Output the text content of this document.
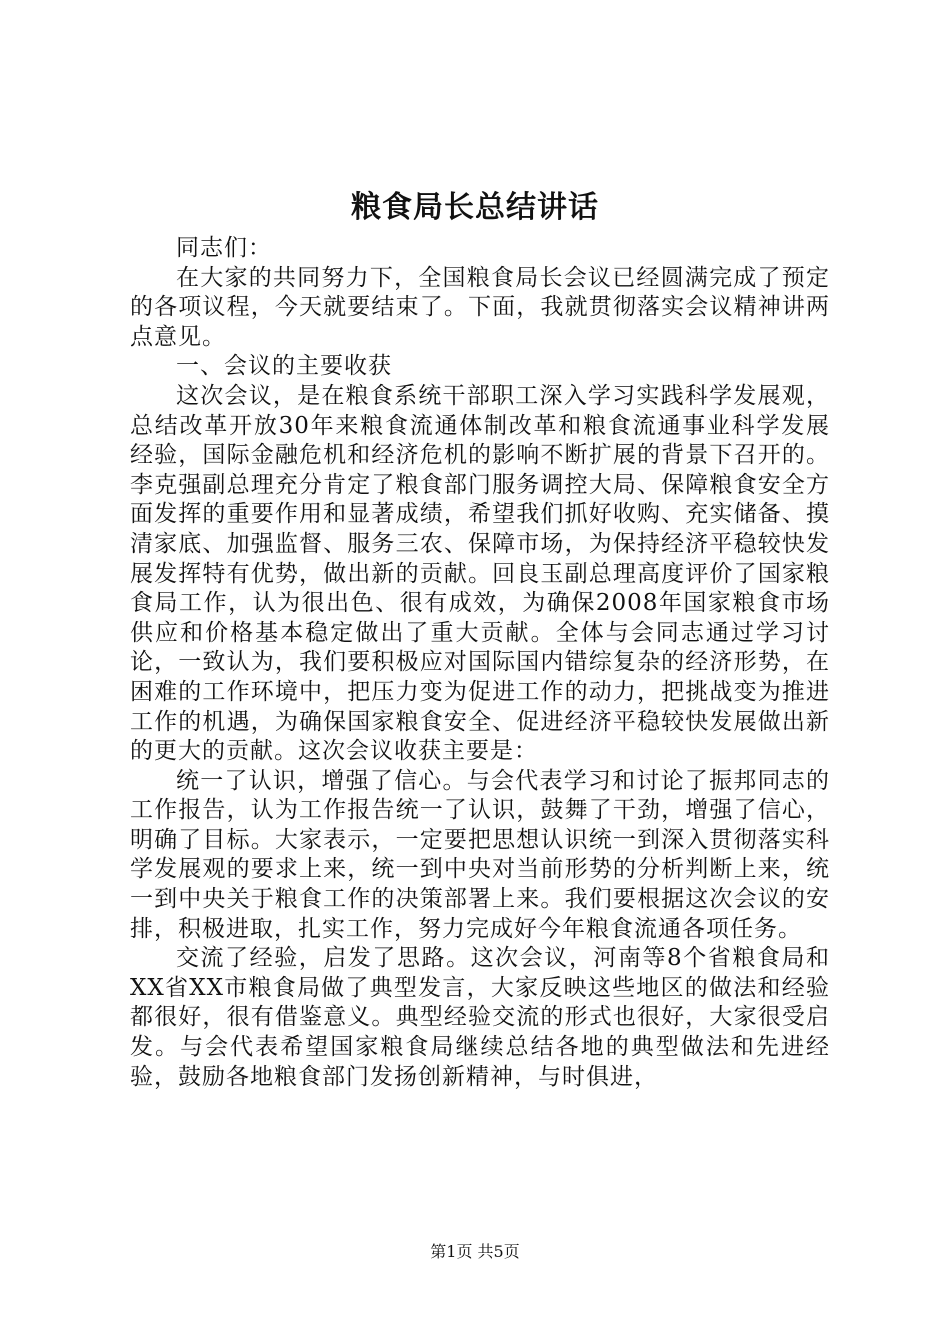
粮食局长总结讲话

同志们：

在大家的共同努力下，全国粮食局长会议已经圆满完成了预定的各项议程，今天就要结束了。下面，我就贯彻落实会议精神讲两点意见。

一、会议的主要收获

这次会议，是在粮食系统干部职工深入学习实践科学发展观，总结改革开放30年来粮食流通体制改革和粮食流通事业科学发展经验，国际金融危机和经济危机的影响不断扩展的背景下召开的。李克强副总理充分肯定了粮食部门服务调控大局、保障粮食安全方面发挥的重要作用和显著成绩，希望我们抓好收购、充实储备、摸清家底、加强监督、服务三农、保障市场，为保持经济平稳较快发展发挥特有优势，做出新的贡献。回良玉副总理高度评价了国家粮食局工作，认为很出色、很有成效，为确保2008年国家粮食市场供应和价格基本稳定做出了重大贡献。全体与会同志通过学习讨论，一致认为，我们要积极应对国际国内错综复杂的经济形势，在困难的工作环境中，把压力变为促进工作的动力，把挑战变为推进工作的机遇，为确保国家粮食安全、促进经济平稳较快发展做出新的更大的贡献。这次会议收获主要是：

统一了认识，增强了信心。与会代表学习和讨论了振邦同志的工作报告，认为工作报告统一了认识，鼓舞了干劲，增强了信心，明确了目标。大家表示，一定要把思想认识统一到深入贯彻落实科学发展观的要求上来，统一到中央对当前形势的分析判断上来，统一到中央关于粮食工作的决策部署上来。我们要根据这次会议的安排，积极进取，扎实工作，努力完成好今年粮食流通各项任务。

交流了经验，启发了思路。这次会议，河南等8个省粮食局和XX省XX市粮食局做了典型发言，大家反映这些地区的做法和经验都很好，很有借鉴意义。典型经验交流的形式也很好，大家很受启发。与会代表希望国家粮食局继续总结各地的典型做法和先进经验，鼓励各地粮食部门发扬创新精神，与时俱进，

第1页 共5页
